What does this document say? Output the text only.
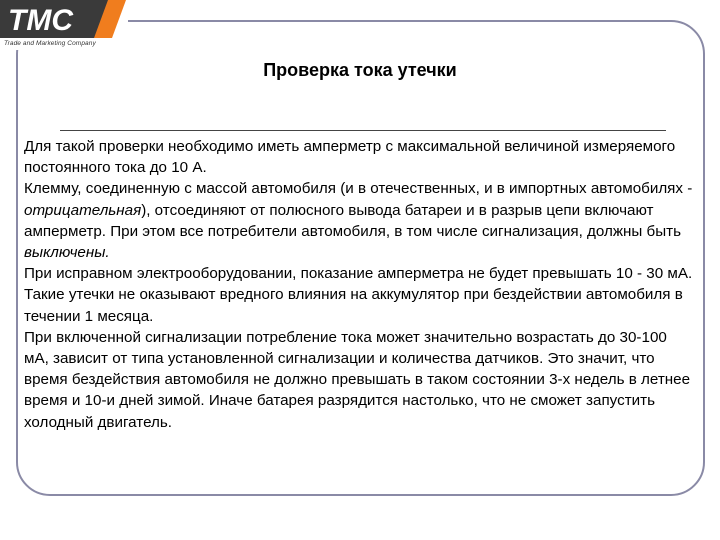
TMC
Trade and Marketing Company
Проверка тока утечки

Для такой проверки необходимо иметь амперметр с максимальной величиной измеряемого постоянного тока до 10 А.

Клемму, соединенную с массой автомобиля (и в отечественных, и в импортных автомобилях - отрицательная), отсоединяют от полюсного вывода батареи и в разрыв цепи включают амперметр. При этом все потребители автомобиля, в том числе сигнализация, должны быть выключены.

При исправном электрооборудовании, показание амперметра не будет превышать 10 - 30 мА. Такие утечки не оказывают вредного влияния на аккумулятор при бездействии автомобиля в течении 1 месяца.

При включенной сигнализации потребление тока может значительно возрастать до 30-100 мА, зависит от типа установленной сигнализации и количества датчиков. Это значит, что время бездействия автомобиля не должно превышать в таком состоянии 3-х недель в летнее время и 10-и дней зимой. Иначе батарея разрядится настолько, что не сможет запустить холодный двигатель.
